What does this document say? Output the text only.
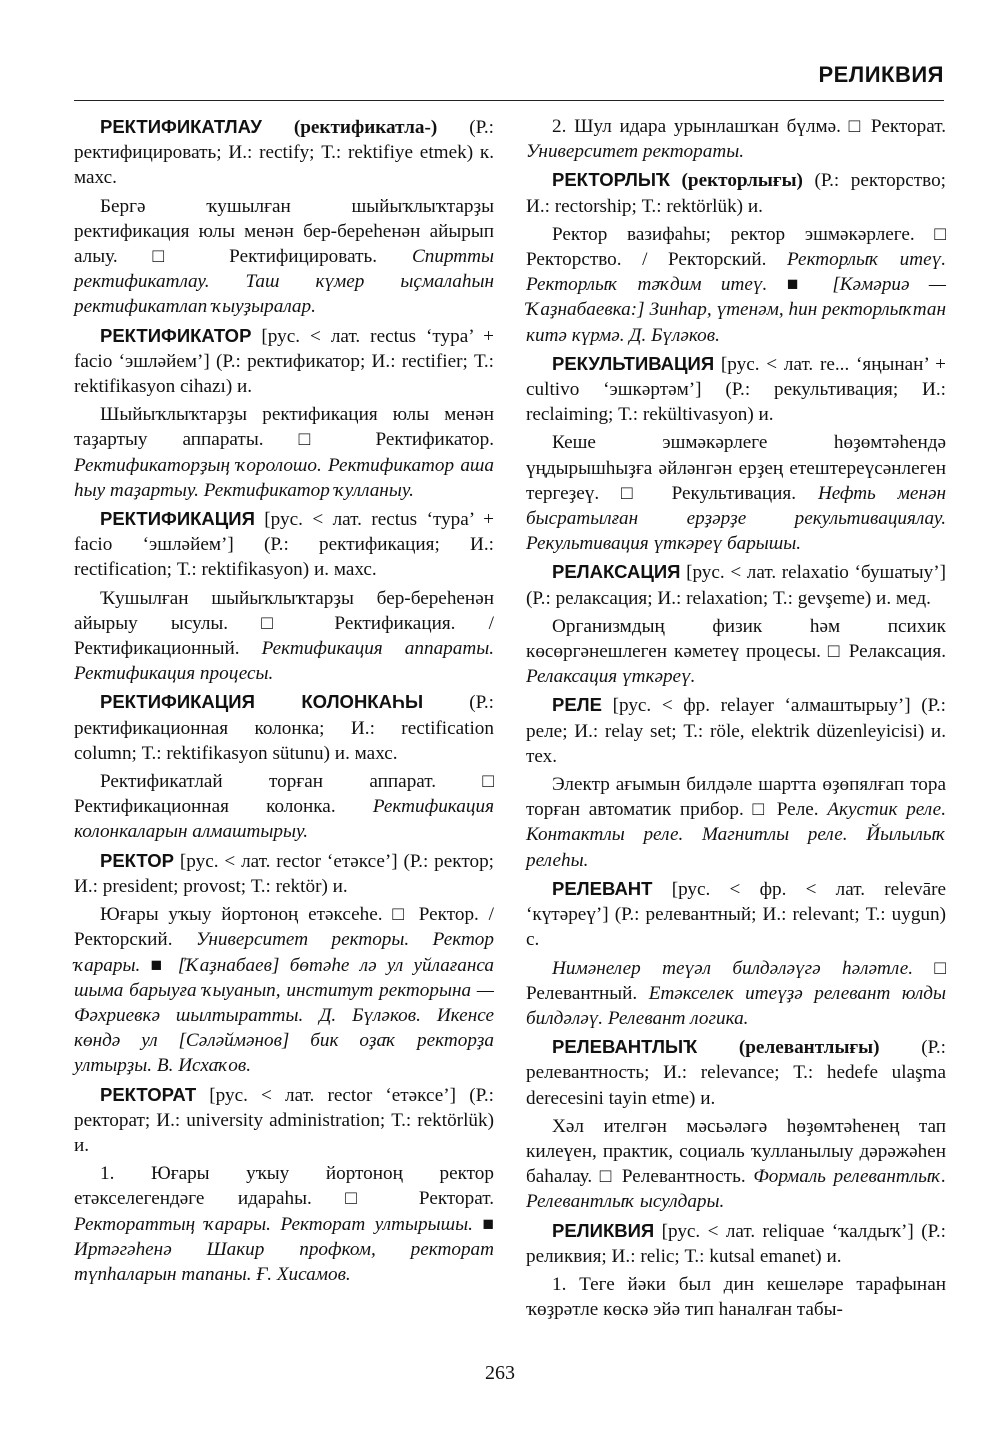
РЕЛИКВИЯ

РЕКТИФИКАТЛАУ (ректификатла-) (Р.: ректифицировать; И.: rectify; Т.: rektifiye etmek) к. махс.

Бергә ҡушылған шыйыҡлыҡтарҙы ректификация юлы менән бер-береһенән айырып алыу. □ Ректифицировать. Спиртты ректификатлау. Таш күмер ыҫмалаһын ректификатлап ҡыуҙыралар.

РЕКТИФИКАТОР [рус. < лат. rectus ‘тура’ + facio ‘эшләйем’] (Р.: ректификатор; И.: rectifier; Т.: rektifikasyon cihazı) и.

Шыйыҡлыҡтарҙы ректификация юлы менән таҙартыу аппараты. □ Ректификатор. Ректификаторҙың ҡоролошо. Ректификатор аша һыу таҙартыу. Ректификатор ҡулланыу.

РЕКТИФИКАЦИЯ [рус. < лат. rectus ‘тура’ + facio ‘эшләйем’] (Р.: ректификация; И.: rectification; Т.: rektifikasyon) и. махс.

Ҡушылған шыйыҡлыҡтарҙы бер-береһенән айырыу ысулы. □ Ректификация. / Ректификационный. Ректификация аппараты. Ректификация процесы.

РЕКТИФИКАЦИЯ КОЛОНКАҺЫ (Р.: ректификационная колонка; И.: rectification column; Т.: rektifikasyon sütunu) и. махс.

Ректификатлай торған аппарат. □ Ректификационная колонка. Ректификация колонкаларын алмаштырыу.

РЕКТОР [рус. < лат. rector ‘етәксе’] (Р.: ректор; И.: president; provost; Т.: rektör) и.

Юғары уҡыу йортоноң етәксеһе. □ Ректор. / Ректорский. Университет ректоры. Ректор ҡарары. ■ [Ҡаҙнабаев] бөтәһе лә ул уйлағанса шыма барыуға ҡыуанып, институт ректорына — Фәхриевкә шылтыратты. Д. Бүләков. Икенсе көндә ул [Сәләймәнов] бик оҙаҡ ректорҙа ултырҙы. В. Исхаҡов.

РЕКТОРАТ [рус. < лат. rector ‘етәксе’] (Р.: ректорат; И.: university administration; Т.: rektörlük) и.

1. Юғары уҡыу йортоноң ректор етәкселегендәге идараһы. □ Ректорат. Ректораттың ҡарары. Ректорат ултырышы. ■ Иртәгәһенә Шакир профком, ректорат түпһаларын тапаны. Ғ. Хисамов.

2. Шул идара урынлашҡан бүлмә. □ Ректорат. Университет ректораты.

РЕКТОРЛЫҠ (ректорлығы) (Р.: ректорство; И.: rectorship; Т.: rektörlük) и.

Ректор вазифаһы; ректор эшмәкәрлеге. □ Ректорство. / Ректорский. Ректорлыҡ итеү. Ректорлыҡ тәҡдим итеү. ■ [Кәмәриә — Ҡаҙнабаевка:] Зинһар, үтенәм, һин ректорлыҡтан китә күрмә. Д. Бүләков.

РЕКУЛЬТИВАЦИЯ [рус. < лат. re... ‘яңынан’ + cultivo ‘эшкәртәм’] (Р.: рекультивация; И.: reclaiming; Т.: rekültivasyon) и.

Кеше эшмәкәрлеге һөҙөмтәһендә үңдырышһыҙға әйләнгән ерҙең етештереүсәнлеген тергеҙеү. □ Рекультивация. Нефть менән бысратылған ерҙәрҙе рекультивациялау. Рекультивация үткәреү барышы.

РЕЛАКСАЦИЯ [рус. < лат. relaxatio ‘бушатыу’] (Р.: релаксация; И.: relaxation; Т.: gevşeme) и. мед.

Организмдың физик һәм психик көсөргәнешлеген кәметеү процесы. □ Релаксация. Релаксация үткәреү.

РЕЛЕ [рус. < фр. relayer ‘алмаштырыу’] (Р.: реле; И.: relay set; Т.: röle, elektrik düzenleyicisi) и. тех.

Электр ағымын билдәле шартта өҙөпялғап тора торған автоматик прибор. □ Реле. Акустик реле. Контактлы реле. Магнитлы реле. Йылылыҡ релеһы.

РЕЛЕВАНТ [рус. < фр. < лат. relevāre ‘күтәреү’] (Р.: релевантный; И.: relevant; Т.: uygun) с.

Нимәнелер теүәл билдәләүгә һәләтле. □ Релевантный. Етәкселек итеүҙә релевант юлды билдәләү. Релевант логика.

РЕЛЕВАНТЛЫҠ (релевантлығы) (Р.: релевантность; И.: relevance; Т.: hedefe ulaşma derecesini tayin etme) и.

Хәл ителгән мәсьәләгә һөҙөмтәһенең тап килеүен, практик, социаль ҡулланылыу дәрәжәһен баһалау. □ Релевантность. Формаль релевантлыҡ. Релевантлыҡ ысулдары.

РЕЛИКВИЯ [рус. < лат. reliquae ‘ҡалдыҡ’] (Р.: реликвия; И.: relic; Т.: kutsal emanet) и.

1. Теге йәки был дин кешеләре тарафынан ҡөҙрәтле көскә эйә тип һаналған табы-

263
